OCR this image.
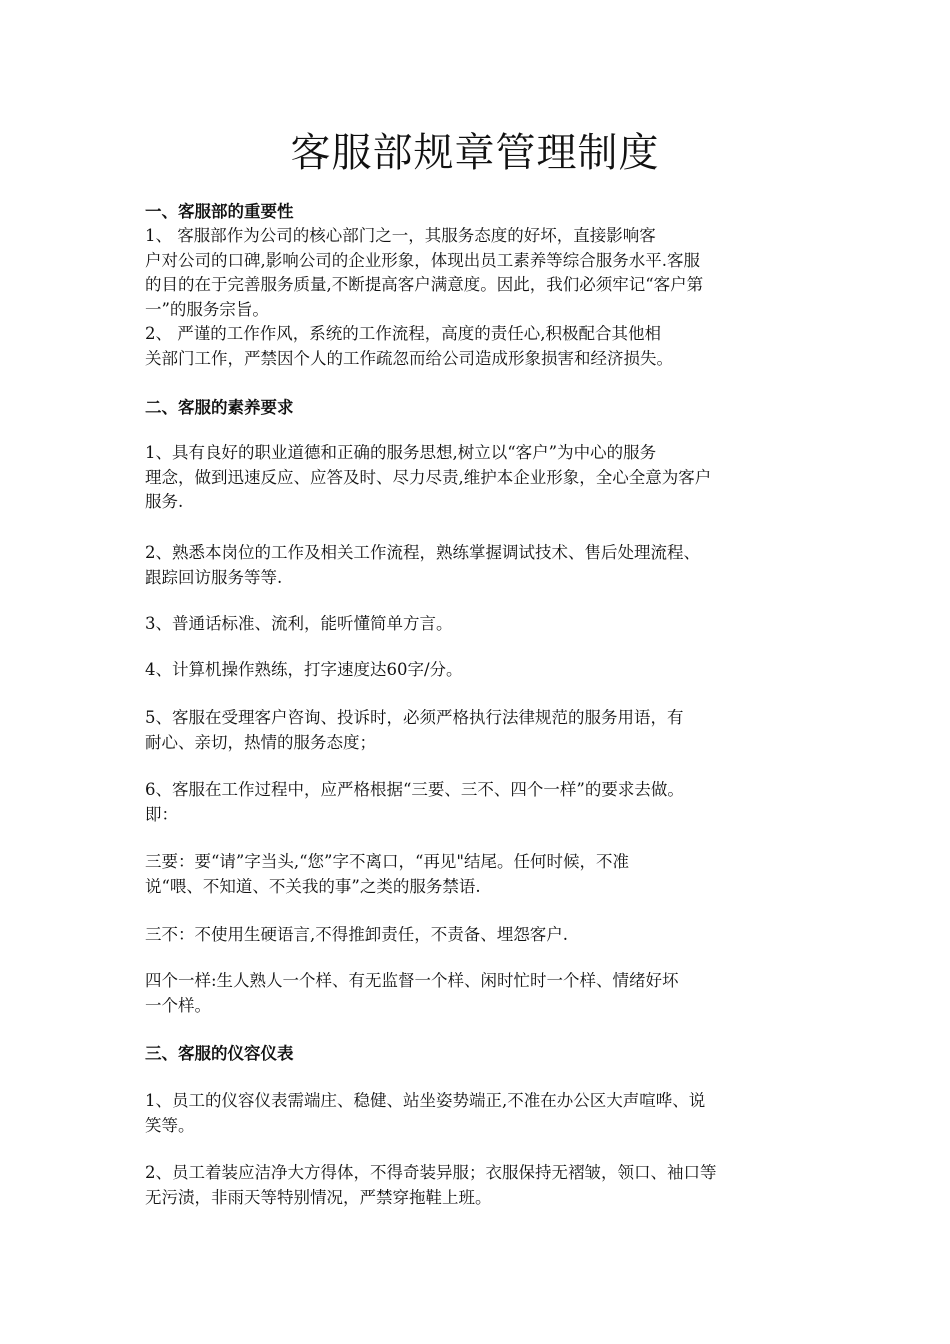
客服部规章管理制度
一、客服部的重要性

1、 客服部作为公司的核心部门之一，其服务态度的好坏，直接影响客
户对公司的口碑,影响公司的企业形象，体现出员工素养等综合服务水平.客服
的目的在于完善服务质量,不断提高客户满意度。因此，我们必须牢记“客户第
一”的服务宗旨。

2、 严谨的工作作风，系统的工作流程，高度的责任心,积极配合其他相
关部门工作，严禁因个人的工作疏忽而给公司造成形象损害和经济损失。

二、客服的素养要求

1、具有良好的职业道德和正确的服务思想,树立以“客户”为中心的服务
理念，做到迅速反应、应答及时、尽力尽责,维护本企业形象，全心全意为客户
服务.

2、熟悉本岗位的工作及相关工作流程，熟练掌握调试技术、售后处理流程、
跟踪回访服务等等.

3、普通话标准、流利，能听懂简单方言。

4、计算机操作熟练，打字速度达60字/分。

5、客服在受理客户咨询、投诉时，必须严格执行法律规范的服务用语，有
耐心、亲切，热情的服务态度；

6、客服在工作过程中，应严格根据“三要、三不、四个一样”的要求去做。
即：

三要：要“请”字当头,“您”字不离口，“再见"结尾。任何时候，不准
说“喂、不知道、不关我的事”之类的服务禁语.

三不：不使用生硬语言,不得推卸责任，不责备、埋怨客户.

四个一样:生人熟人一个样、有无监督一个样、闲时忙时一个样、情绪好坏
一个样。

三、客服的仪容仪表

1、员工的仪容仪表需端庄、稳健、站坐姿势端正,不准在办公区大声喧哗、说
笑等。

2、员工着装应洁净大方得体，不得奇装异服；衣服保持无褶皱，领口、袖口等
无污渍，非雨天等特别情况，严禁穿拖鞋上班。
